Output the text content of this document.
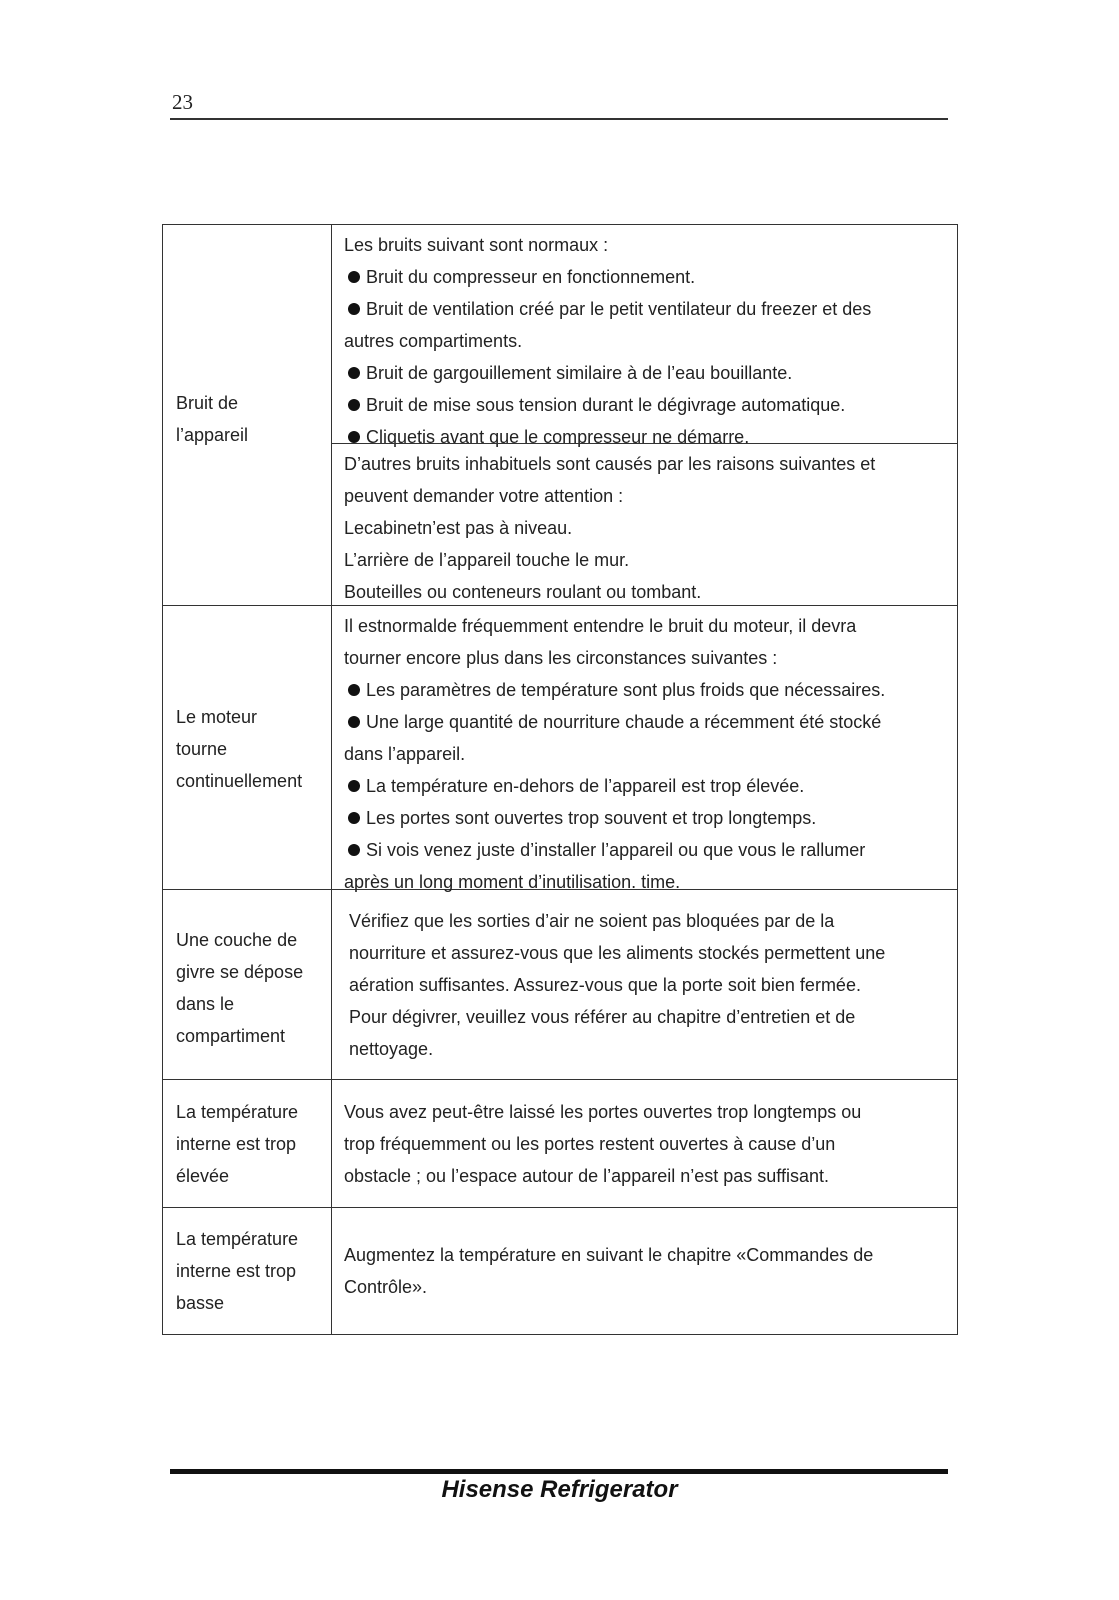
23
Bruit de
l’appareil
Les bruits suivant sont normaux :
Bruit du compresseur en fonctionnement.
Bruit de ventilation créé par le petit ventilateur du freezer et des
autres compartiments.
Bruit de gargouillement similaire à de l’eau bouillante.
Bruit de mise sous tension durant le dégivrage automatique.
Cliquetis avant que le compresseur ne démarre.
D’autres bruits inhabituels sont causés par les raisons suivantes et
peuvent demander votre attention :
Lecabinetn’est pas à niveau.
L’arrière de l’appareil touche le mur.
Bouteilles ou conteneurs roulant ou tombant.
Le moteur
tourne
continuellement
Il estnormalde fréquemment entendre le bruit du moteur, il devra
tourner encore plus dans les circonstances suivantes :
Les paramètres de température sont plus froids que nécessaires.
Une large quantité de nourriture chaude a récemment été stocké
dans l’appareil.
La température en-dehors de l’appareil est trop élevée.
Les portes sont ouvertes trop souvent et trop longtemps.
Si vois venez juste d’installer l’appareil ou que vous le rallumer
après un long moment d’inutilisation. time.
Une couche de
givre se dépose
dans le
compartiment
Vérifiez que les sorties d’air ne soient pas bloquées par de la
nourriture et assurez-vous que les aliments stockés permettent une
aération suffisantes. Assurez-vous que la porte soit bien fermée.
Pour dégivrer, veuillez vous référer au chapitre d’entretien et de
nettoyage.
La température
interne est trop
élevée
Vous avez peut-être laissé les portes ouvertes trop longtemps ou
trop fréquemment ou les portes restent ouvertes à cause d’un
obstacle ; ou l’espace autour de l’appareil n’est pas suffisant.
La température
interne est trop
basse
Augmentez la température en suivant le chapitre «Commandes de
Contrôle».
Hisense Refrigerator
